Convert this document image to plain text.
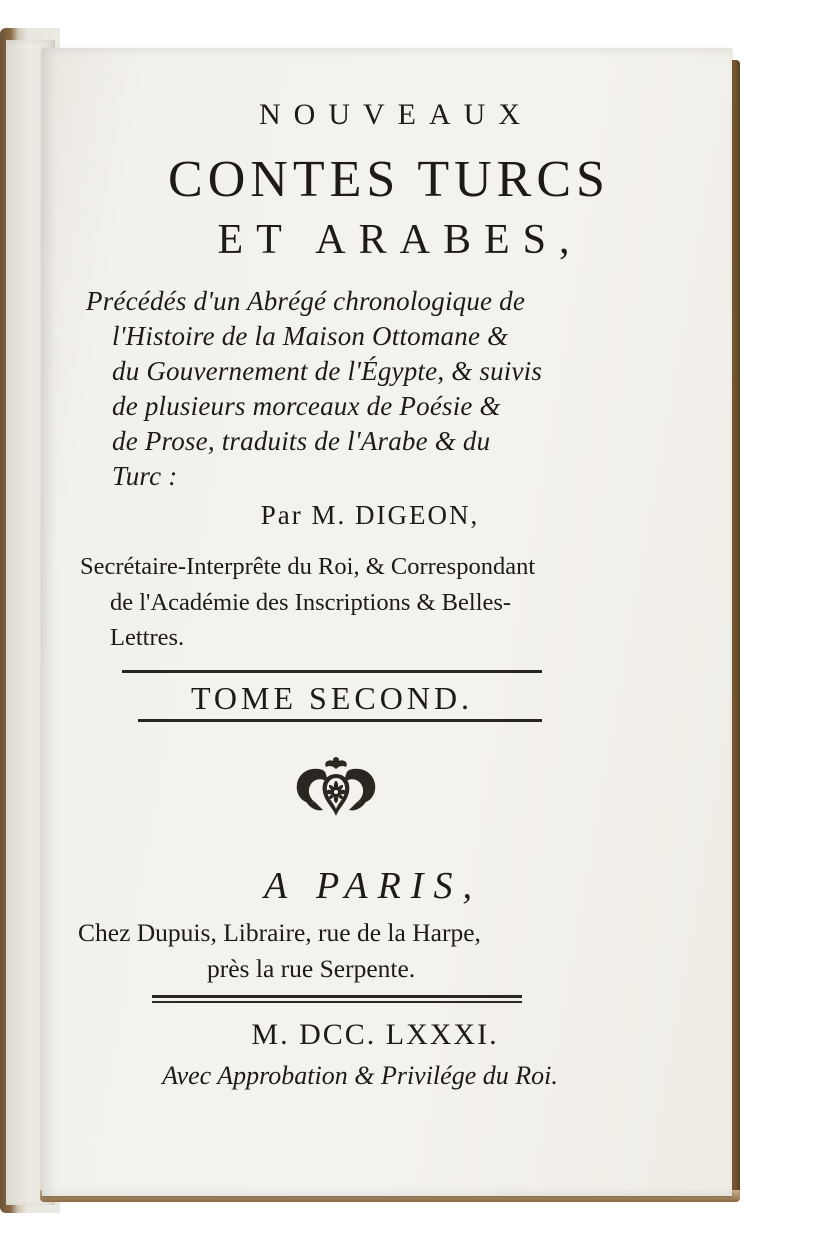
NOUVEAUX
CONTES TURCS
ET ARABES,
Précédés d'un Abrégé chronologique de
l'Histoire de la Maison Ottomane &
du Gouvernement de l'Égypte, & suivis
de plusieurs morceaux de Poésie &
de Prose, traduits de l'Arabe & du
Turc :
Par M. DIGEON,
Secrétaire-Interprête du Roi, & Correspondant
de l'Académie des Inscriptions & Belles-
Lettres.
TOME SECOND.
A PARIS,
Chez Dupuis, Libraire, rue de la Harpe,
près la rue Serpente.
M. DCC. LXXXI.
Avec Approbation & Privilége du Roi.
